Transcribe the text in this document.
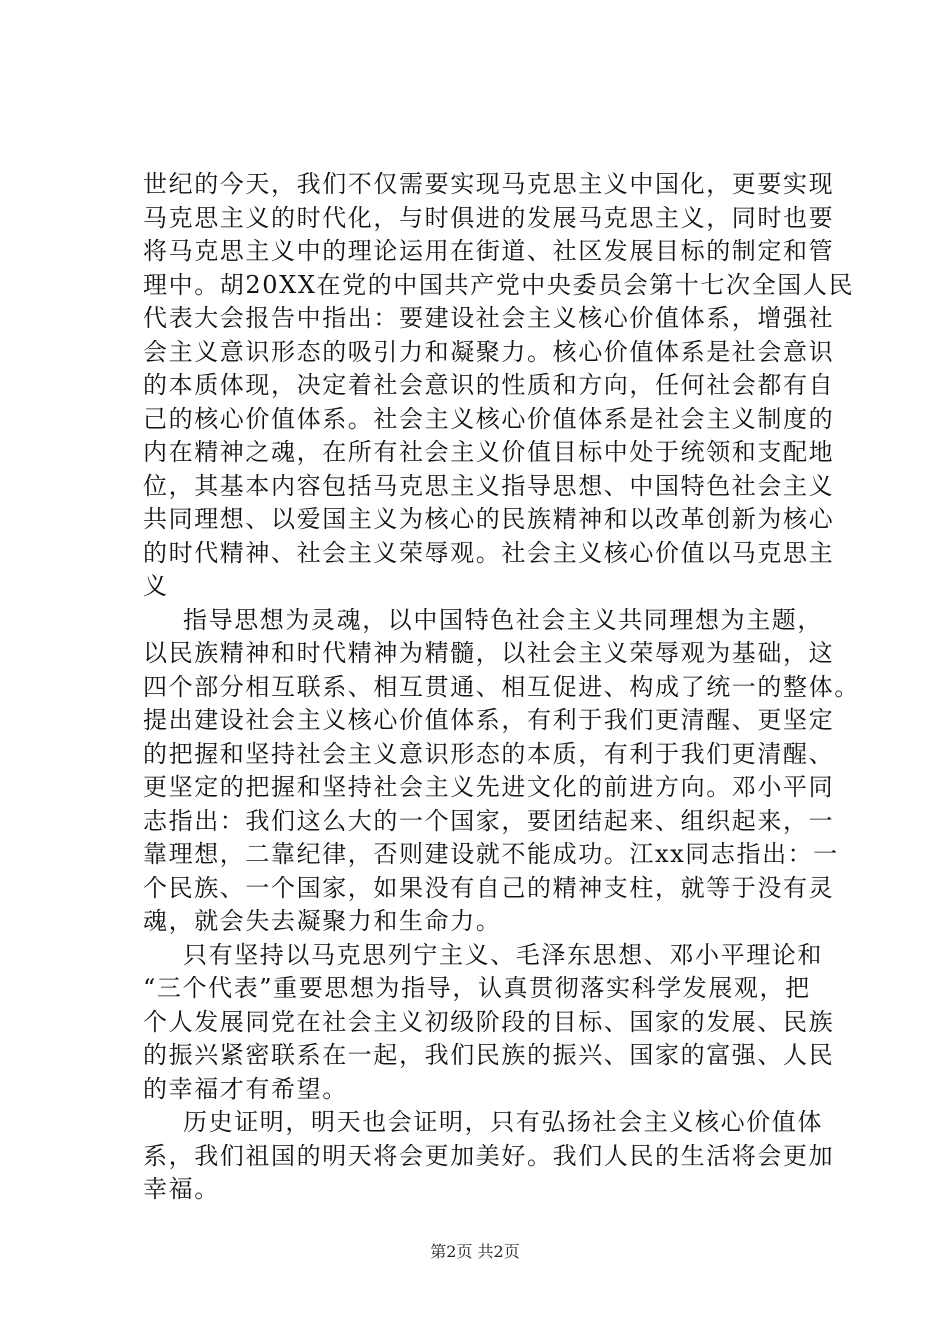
世纪的今天，我们不仅需要实现马克思主义中国化，更要实现
马克思主义的时代化，与时俱进的发展马克思主义，同时也要
将马克思主义中的理论运用在街道、社区发展目标的制定和管
理中。胡20XX在党的中国共产党中央委员会第十七次全国人民
代表大会报告中指出：要建设社会主义核心价值体系，增强社
会主义意识形态的吸引力和凝聚力。核心价值体系是社会意识
的本质体现，决定着社会意识的性质和方向，任何社会都有自
己的核心价值体系。社会主义核心价值体系是社会主义制度的
内在精神之魂，在所有社会主义价值目标中处于统领和支配地
位，其基本内容包括马克思主义指导思想、中国特色社会主义
共同理想、以爱国主义为核心的民族精神和以改革创新为核心
的时代精神、社会主义荣辱观。社会主义核心价值以马克思主
义
指导思想为灵魂，以中国特色社会主义共同理想为主题，
以民族精神和时代精神为精髓，以社会主义荣辱观为基础，这
四个部分相互联系、相互贯通、相互促进、构成了统一的整体。
提出建设社会主义核心价值体系，有利于我们更清醒、更坚定
的把握和坚持社会主义意识形态的本质，有利于我们更清醒、
更坚定的把握和坚持社会主义先进文化的前进方向。邓小平同
志指出：我们这么大的一个国家，要团结起来、组织起来，一
靠理想，二靠纪律，否则建设就不能成功。江xx同志指出：一
个民族、一个国家，如果没有自己的精神支柱，就等于没有灵
魂，就会失去凝聚力和生命力。
只有坚持以马克思列宁主义、毛泽东思想、邓小平理论和
“三个代表”重要思想为指导，认真贯彻落实科学发展观，把
个人发展同党在社会主义初级阶段的目标、国家的发展、民族
的振兴紧密联系在一起，我们民族的振兴、国家的富强、人民
的幸福才有希望。
历史证明，明天也会证明，只有弘扬社会主义核心价值体
系，我们祖国的明天将会更加美好。我们人民的生活将会更加
幸福。
第2页 共2页
